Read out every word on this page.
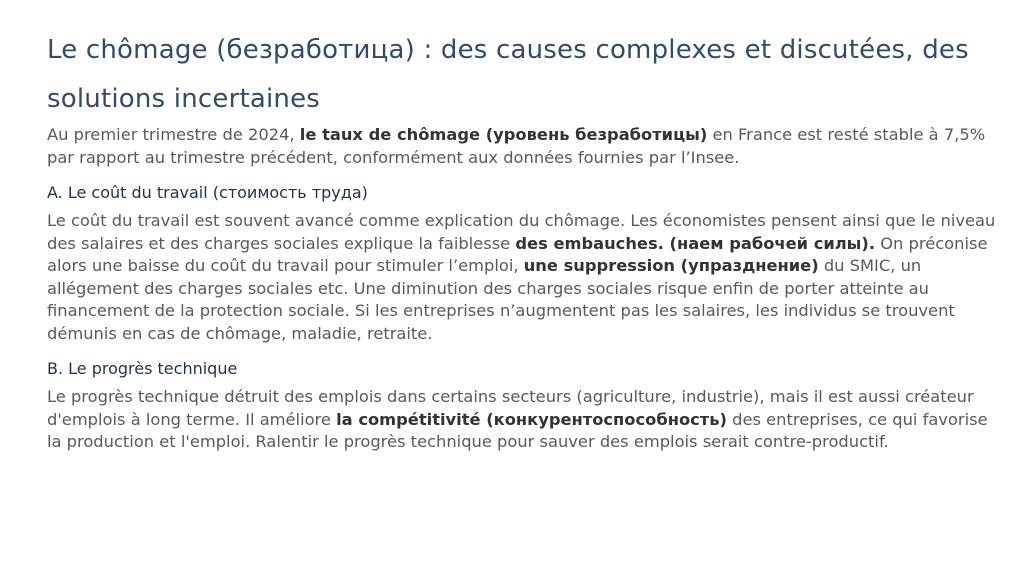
Le chômage (безработица) : des causes complexes et discutées, des solutions incertaines

Au premier trimestre de 2024, le taux de chômage (уровень безработицы) en France est resté stable à 7,5% par rapport au trimestre précédent, conformément aux données fournies par l’Insee.

A. Le coût du travail (стоимость труда)

Le coût du travail est souvent avancé comme explication du chômage. Les économistes pensent ainsi que le niveau des salaires et des charges sociales explique la faiblesse des embauches. (наем рабочей силы). On préconise alors une baisse du coût du travail pour stimuler l’emploi, une suppression (упразднение) du SMIC, un allégement des charges sociales etc. Une diminution des charges sociales risque enfin de porter atteinte au financement de la protection sociale. Si les entreprises n’augmentent pas les salaires, les individus se trouvent démunis en cas de chômage, maladie, retraite.

B. Le progrès technique

Le progrès technique détruit des emplois dans certains secteurs (agriculture, industrie), mais il est aussi créateur d'emplois à long terme. Il améliore la compétitivité (конкурентоспособность) des entreprises, ce qui favorise la production et l'emploi. Ralentir le progrès technique pour sauver des emplois serait contre-productif.
